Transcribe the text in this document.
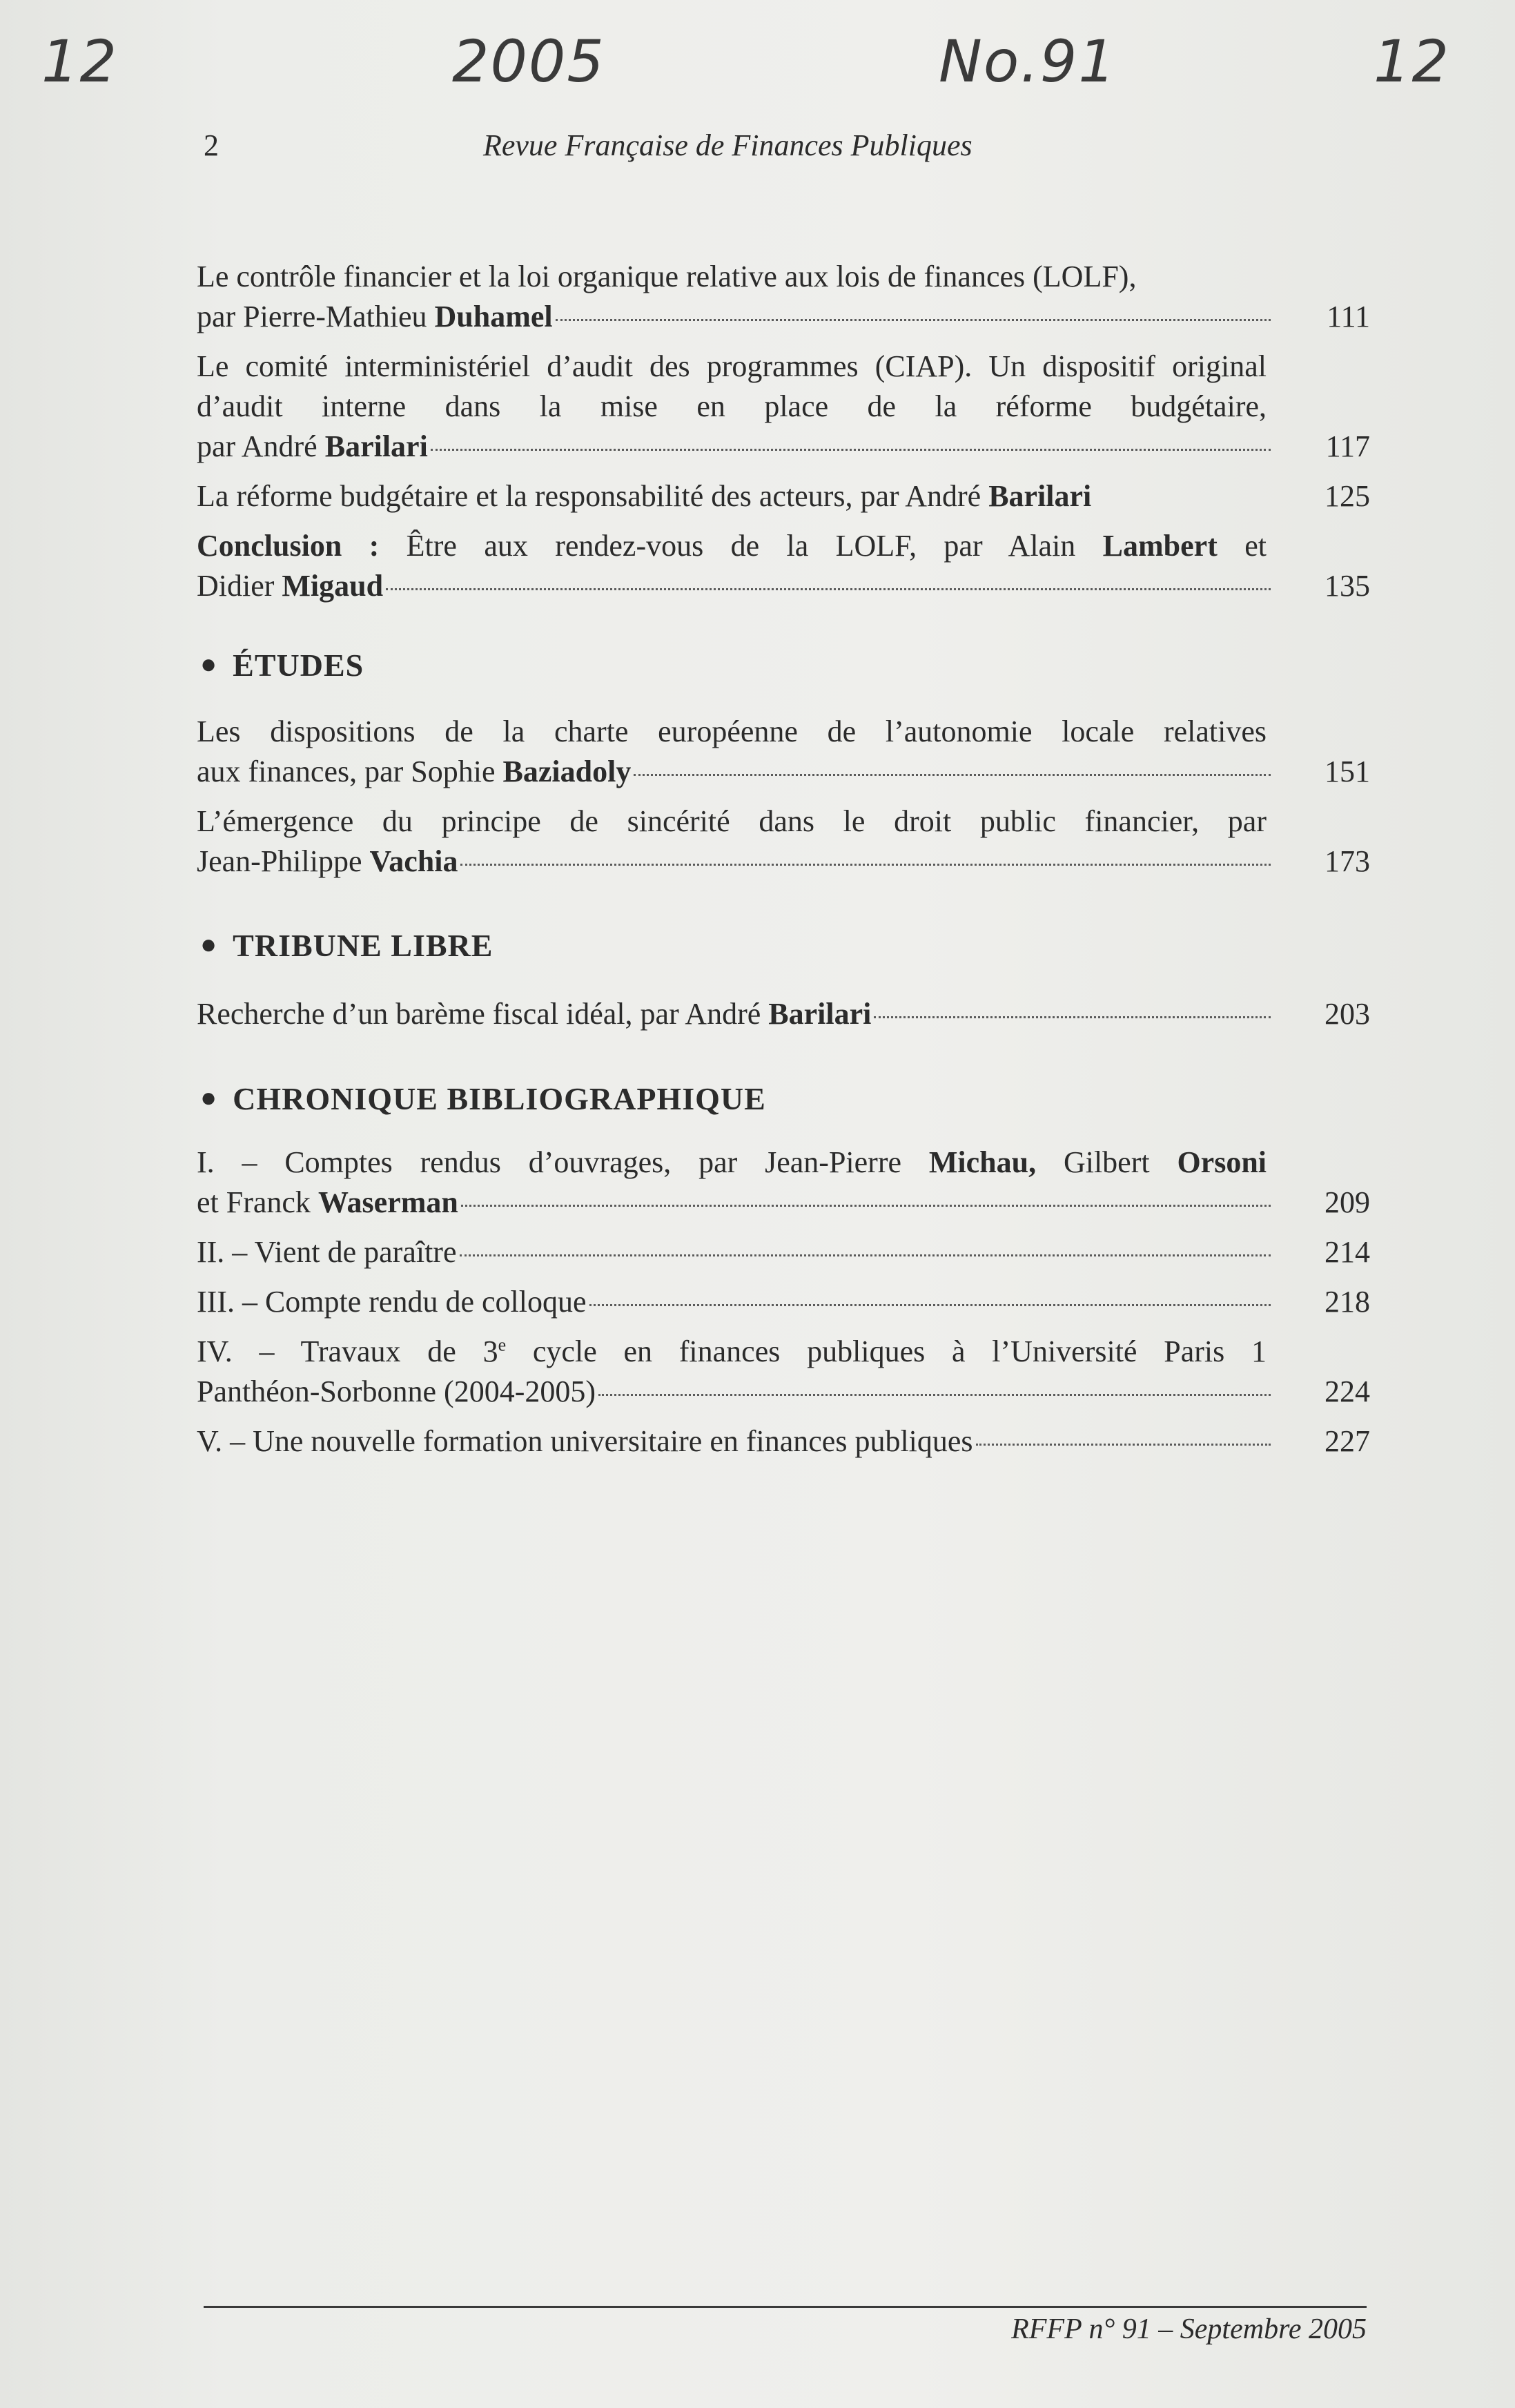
12	2005	No.91	12
2	Revue Française de Finances Publiques
Le contrôle financier et la loi organique relative aux lois de finances (LOLF),
par Pierre-Mathieu Duhamel	111
Le comité interministériel d’audit des programmes (CIAP). Un dispositif original d’audit interne dans la mise en place de la réforme budgétaire,
par André Barilari	117
La réforme budgétaire et la responsabilité des acteurs, par André Barilari	125
Conclusion : Être aux rendez-vous de la LOLF, par Alain Lambert et
Didier Migaud	135
● ÉTUDES
Les dispositions de la charte européenne de l’autonomie locale relatives
aux finances, par Sophie Baziadoly	151
L’émergence du principe de sincérité dans le droit public financier, par
Jean-Philippe Vachia	173
● TRIBUNE LIBRE
Recherche d’un barème fiscal idéal, par André Barilari	203
● CHRONIQUE BIBLIOGRAPHIQUE
I. – Comptes rendus d’ouvrages, par Jean-Pierre Michau, Gilbert Orsoni
et Franck Waserman	209
II. – Vient de paraître	214
III. – Compte rendu de colloque	218
IV. – Travaux de 3e cycle en finances publiques à l’Université Paris 1
Panthéon-Sorbonne (2004-2005)	224
V. – Une nouvelle formation universitaire en finances publiques	227
RFFP n° 91 – Septembre 2005
